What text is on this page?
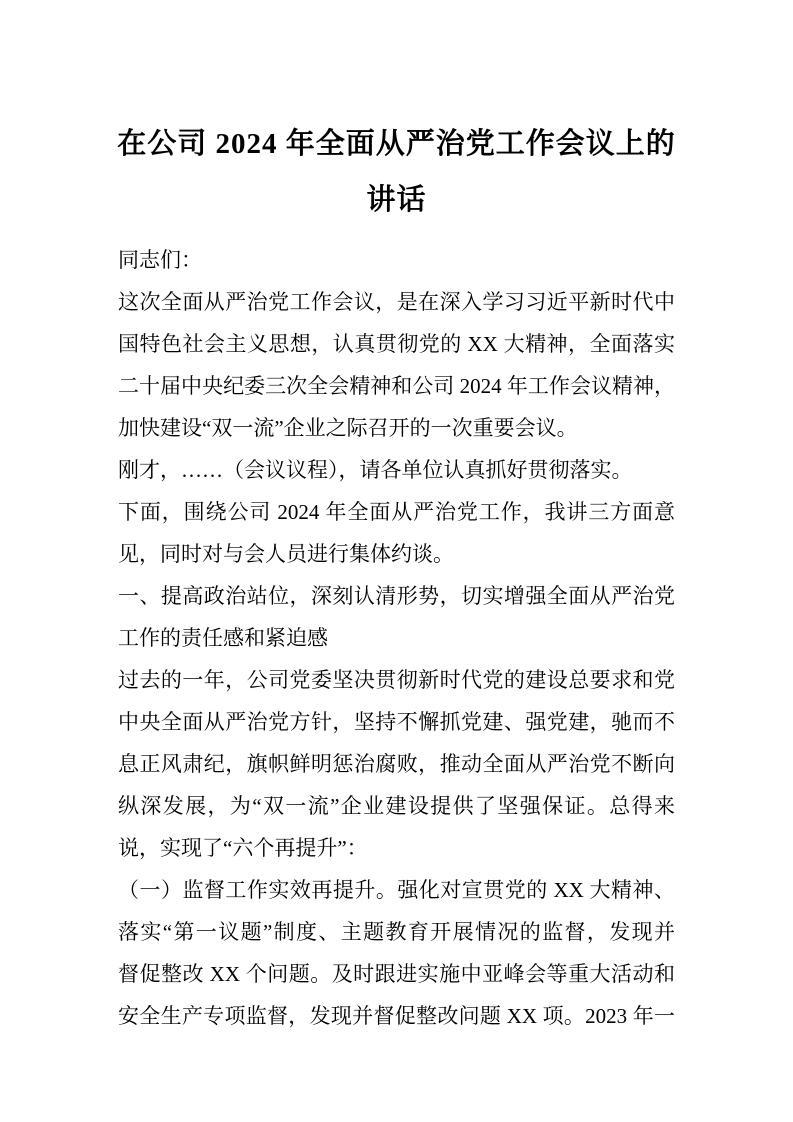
在公司 2024 年全面从严治党工作会议上的
讲话
同志们：
这次全面从严治党工作会议，是在深入学习习近平新时代中
国特色社会主义思想，认真贯彻党的 XX 大精神，全面落实
二十届中央纪委三次全会精神和公司 2024 年工作会议精神，
加快建设“双一流”企业之际召开的一次重要会议。
刚才，……（会议议程），请各单位认真抓好贯彻落实。
下面，围绕公司 2024 年全面从严治党工作，我讲三方面意
见，同时对与会人员进行集体约谈。
一、提高政治站位，深刻认清形势，切实增强全面从严治党
工作的责任感和紧迫感
过去的一年，公司党委坚决贯彻新时代党的建设总要求和党
中央全面从严治党方针，坚持不懈抓党建、强党建，驰而不
息正风肃纪，旗帜鲜明惩治腐败，推动全面从严治党不断向
纵深发展，为“双一流”企业建设提供了坚强保证。总得来
说，实现了“六个再提升”：
（一）监督工作实效再提升。强化对宣贯党的 XX 大精神、
落实“第一议题”制度、主题教育开展情况的监督，发现并
督促整改 XX 个问题。及时跟进实施中亚峰会等重大活动和
安全生产专项监督，发现并督促整改问题 XX 项。2023 年一
